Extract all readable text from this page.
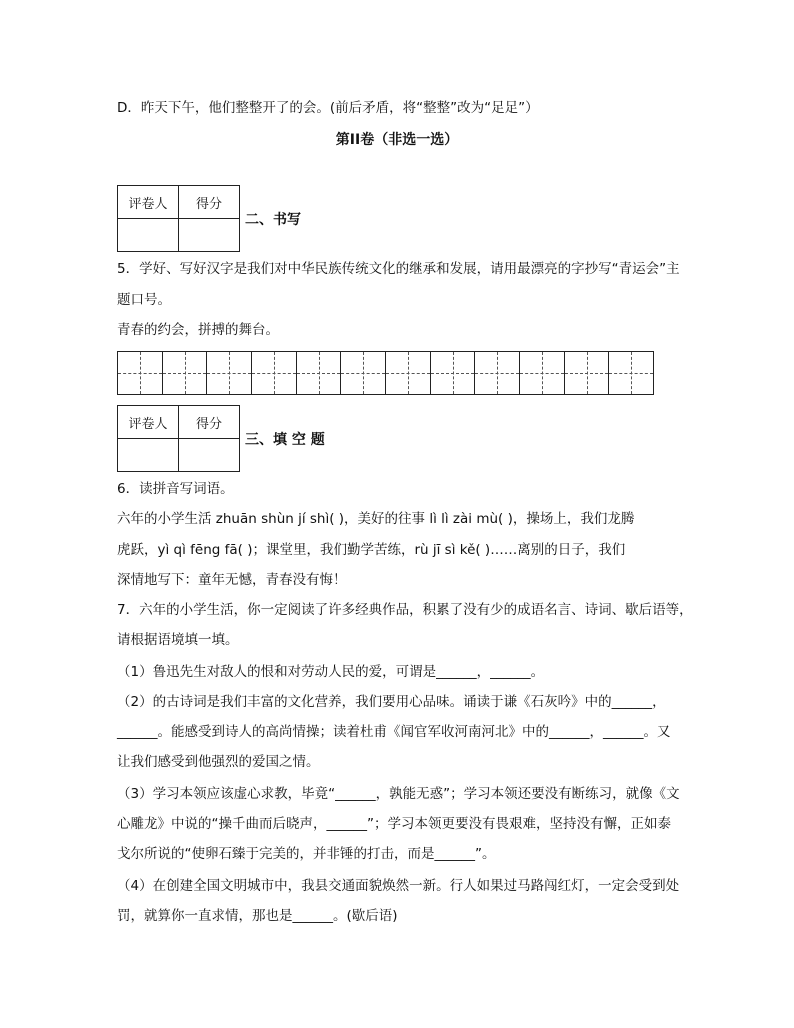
D．昨天下午，他们整整开了的会。(前后矛盾，将“整整”改为“足足”）
第II卷（非选一选）
评卷人	得分

二、书写
5．学好、写好汉字是我们对中华民族传统文化的继承和发展，请用最漂亮的字抄写“青运会”主
题口号。
青春的约会，拼搏的舞台。
评卷人	得分

三、填 空 题
6．读拼音写词语。
六年的小学生活 zhuān shùn jí shì( )，美好的往事 lì lì zài mù( )，操场上，我们龙腾
虎跃，yì qì fēng fā( )；课堂里，我们勤学苦练，rù jī sì kě( )……离别的日子，我们
深情地写下：童年无憾，青春没有悔！
7．六年的小学生活，你一定阅读了许多经典作品，积累了没有少的成语名言、诗词、歇后语等，
请根据语境填一填。
（1）鲁迅先生对敌人的恨和对劳动人民的爱，可谓是______，______。
（2）的古诗词是我们丰富的文化营养，我们要用心品味。诵读于谦《石灰吟》中的______，
______。能感受到诗人的高尚情操；读着杜甫《闻官军收河南河北》中的______，______。又
让我们感受到他强烈的爱国之情。
（3）学习本领应该虚心求教，毕竟“______，孰能无惑”；学习本领还要没有断练习，就像《文
心雕龙》中说的“操千曲而后晓声，______”；学习本领更要没有畏艰难，坚持没有懈，正如泰
戈尔所说的“使卵石臻于完美的，并非锤的打击，而是______”。
（4）在创建全国文明城市中，我县交通面貌焕然一新。行人如果过马路闯红灯，一定会受到处
罚，就算你一直求情，那也是______。(歇后语)
